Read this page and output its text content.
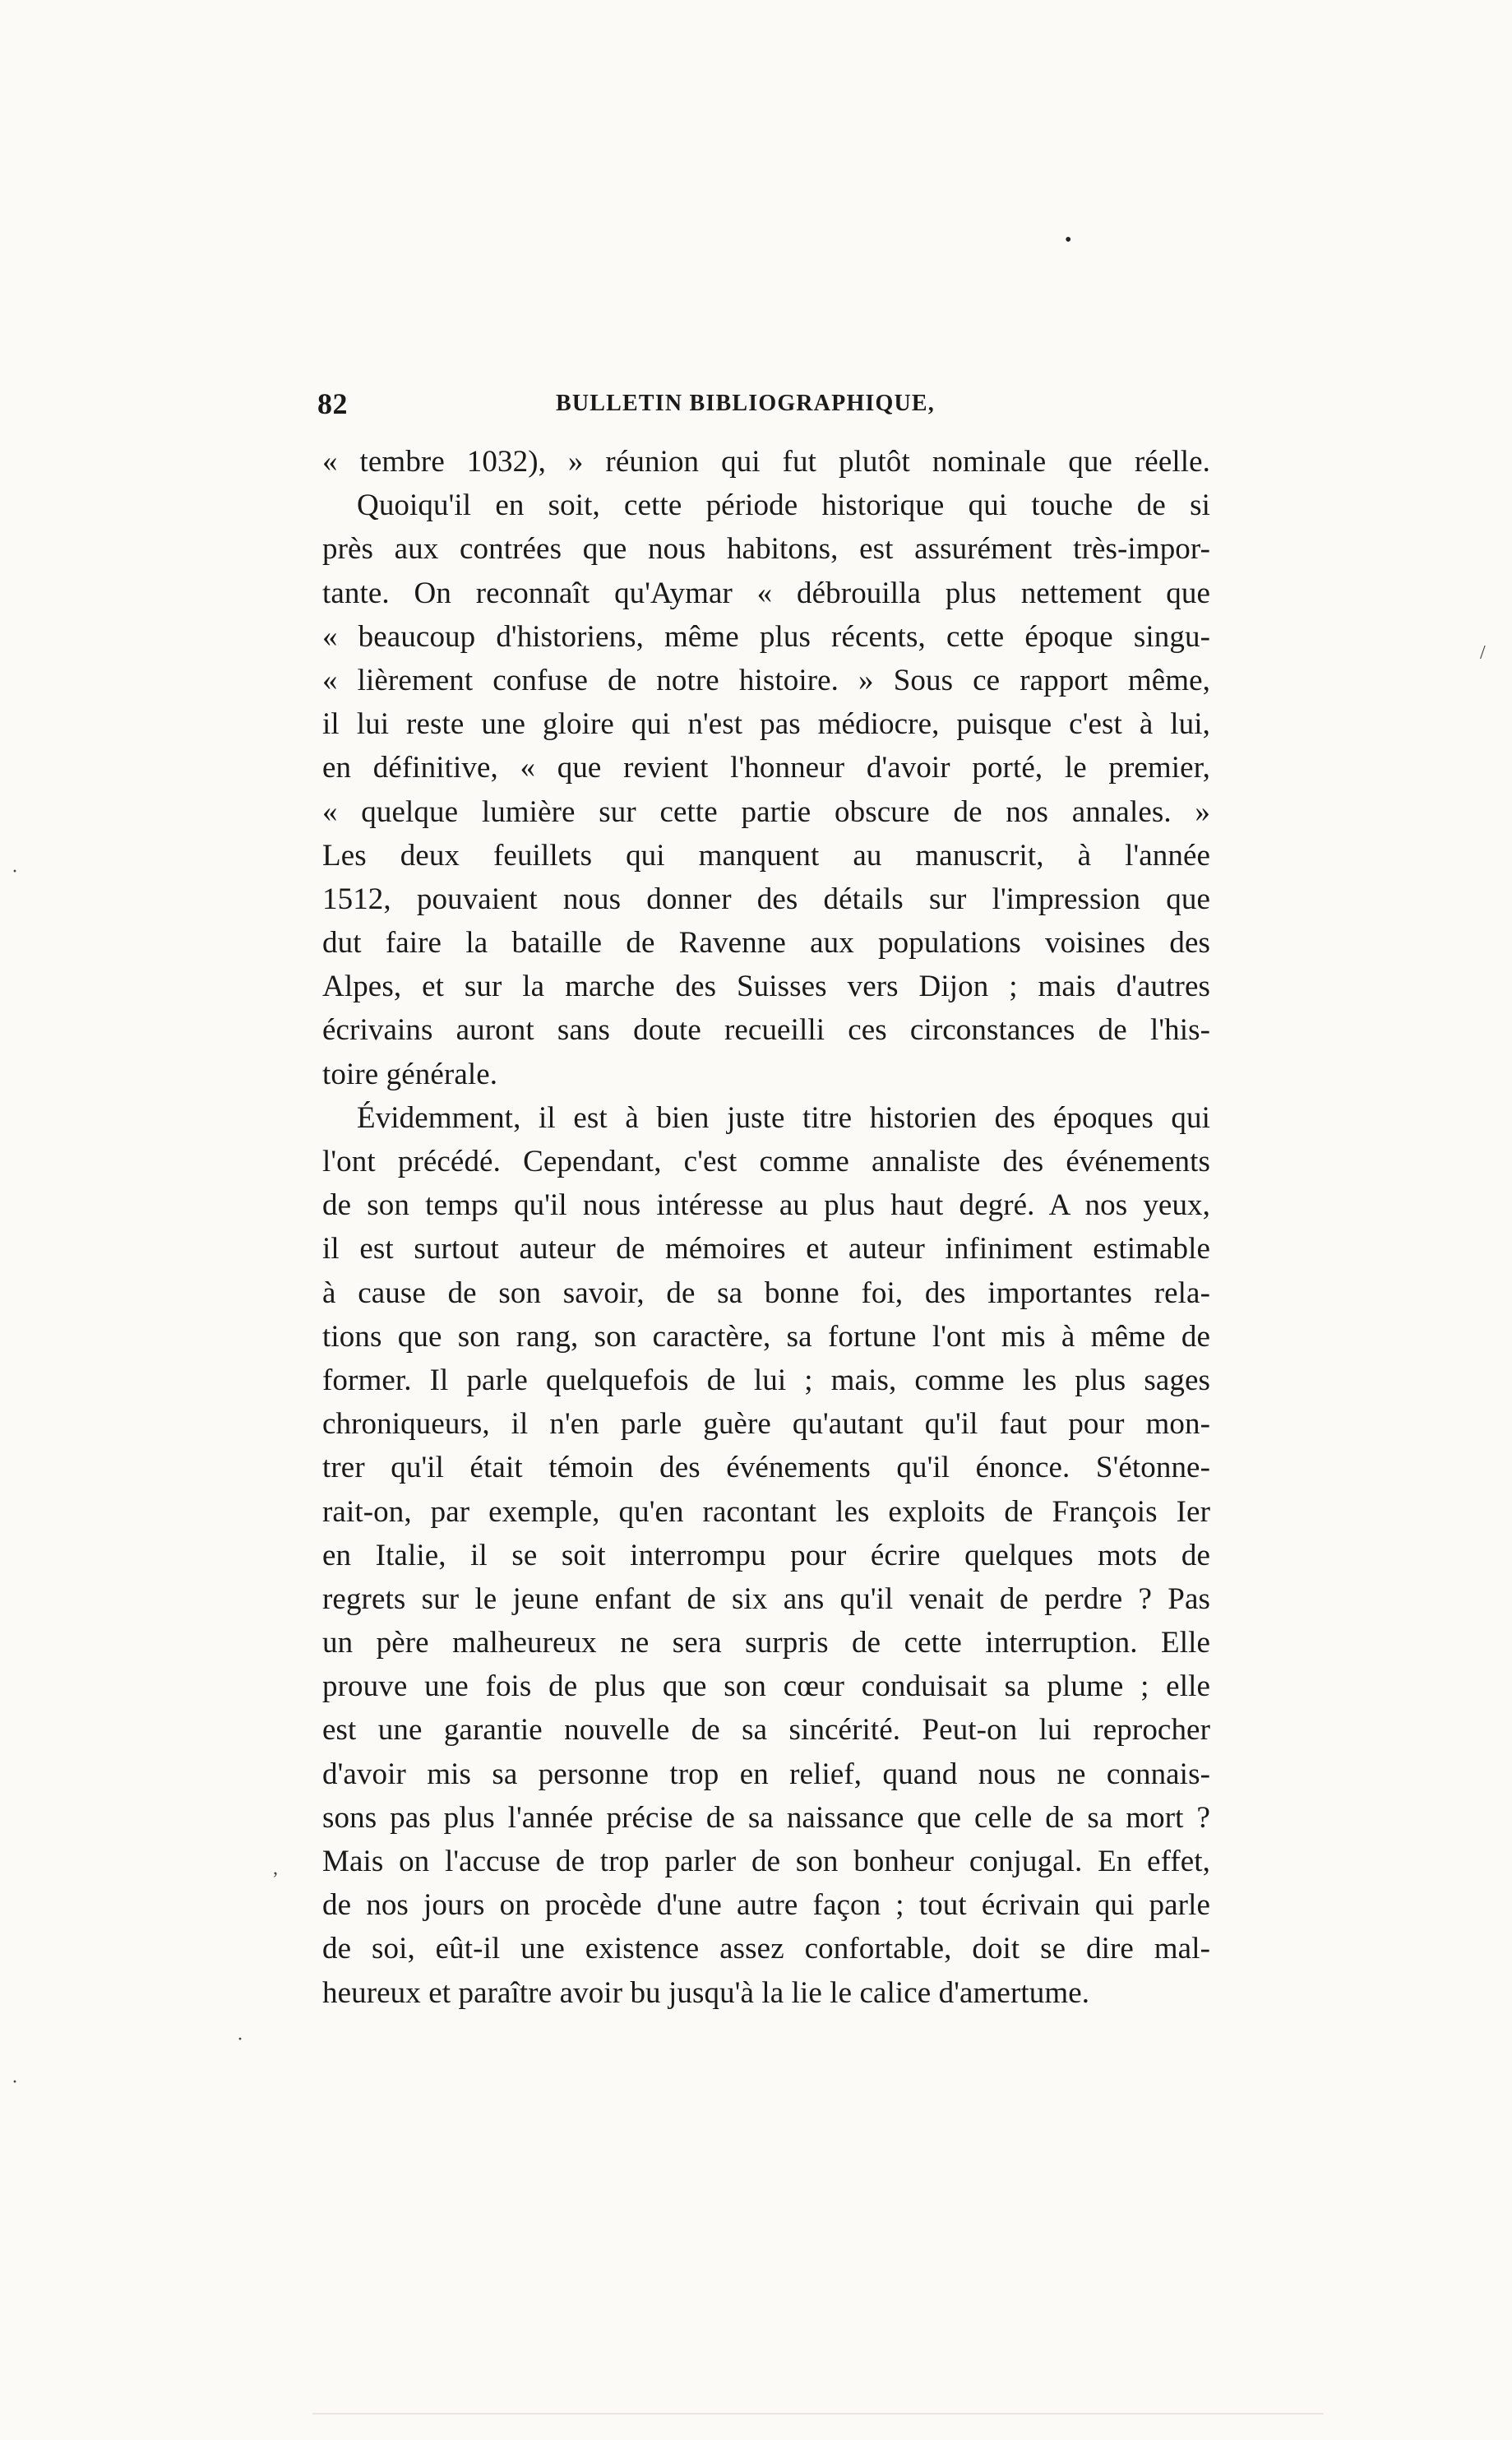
•
82	BULLETIN BIBLIOGRAPHIQUE,
« tembre 1032), » réunion qui fut plutôt nominale que réelle.
Quoiqu'il en soit, cette période historique qui touche de si
près aux contrées que nous habitons, est assurément très-impor-
tante. On reconnaît qu'Aymar « débrouilla plus nettement que
« beaucoup d'historiens, même plus récents, cette époque singu-
« lièrement confuse de notre histoire. » Sous ce rapport même,
il lui reste une gloire qui n'est pas médiocre, puisque c'est à lui,
en définitive, « que revient l'honneur d'avoir porté, le premier,
« quelque lumière sur cette partie obscure de nos annales. »
Les deux feuillets qui manquent au manuscrit, à l'année
1512, pouvaient nous donner des détails sur l'impression que
dut faire la bataille de Ravenne aux populations voisines des
Alpes, et sur la marche des Suisses vers Dijon ; mais d'autres
écrivains auront sans doute recueilli ces circonstances de l'his-
toire générale.
Évidemment, il est à bien juste titre historien des époques qui
l'ont précédé. Cependant, c'est comme annaliste des événements
de son temps qu'il nous intéresse au plus haut degré. A nos yeux,
il est surtout auteur de mémoires et auteur infiniment estimable
à cause de son savoir, de sa bonne foi, des importantes rela-
tions que son rang, son caractère, sa fortune l'ont mis à même de
former. Il parle quelquefois de lui ; mais, comme les plus sages
chroniqueurs, il n'en parle guère qu'autant qu'il faut pour mon-
trer qu'il était témoin des événements qu'il énonce. S'étonne-
rait-on, par exemple, qu'en racontant les exploits de François Ier
en Italie, il se soit interrompu pour écrire quelques mots de
regrets sur le jeune enfant de six ans qu'il venait de perdre ? Pas
un père malheureux ne sera surpris de cette interruption. Elle
prouve une fois de plus que son cœur conduisait sa plume ; elle
est une garantie nouvelle de sa sincérité. Peut-on lui reprocher
d'avoir mis sa personne trop en relief, quand nous ne connais-
sons pas plus l'année précise de sa naissance que celle de sa mort ?
Mais on l'accuse de trop parler de son bonheur conjugal. En effet,
de nos jours on procède d'une autre façon ; tout écrivain qui parle
de soi, eût-il une existence assez confortable, doit se dire mal-
heureux et paraître avoir bu jusqu'à la lie le calice d'amertume.
/
·
·
·
,
